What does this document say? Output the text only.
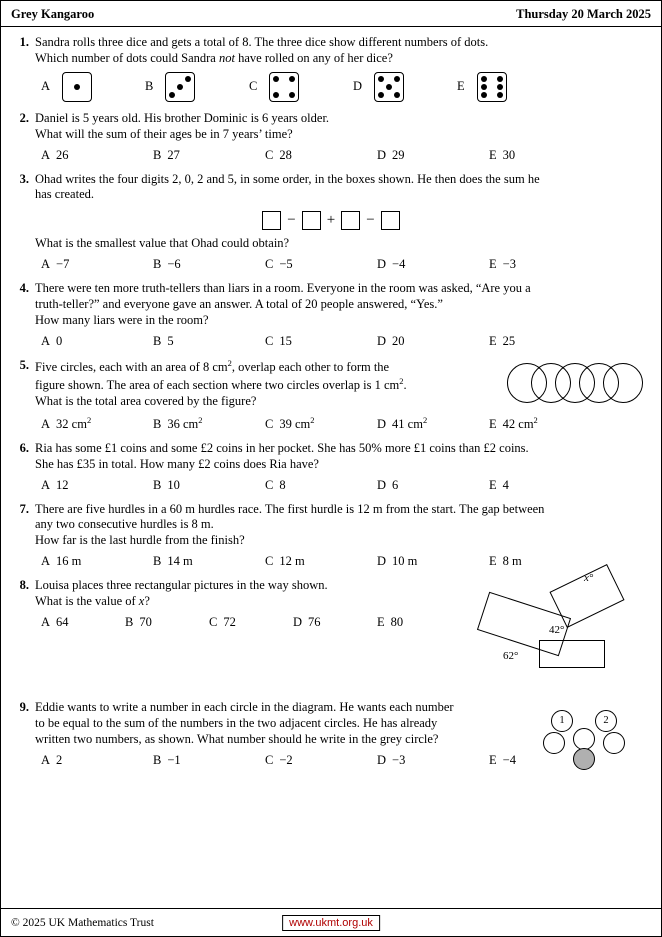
Grey Kangaroo	Thursday 20 March 2025
1. Sandra rolls three dice and gets a total of 8. The three dice show different numbers of dots.
Which number of dots could Sandra not have rolled on any of her dice?
A	B	C	D	E
2. Daniel is 5 years old. His brother Dominic is 6 years older.
What will the sum of their ages be in 7 years’ time?
A 26	B 27	C 28	D 29	E 30
3. Ohad writes the four digits 2, 0, 2 and 5, in some order, in the boxes shown. He then does the sum he
has created.
− + −
What is the smallest value that Ohad could obtain?
A −7	B −6	C −5	D −4	E −3
4. There were ten more truth-tellers than liars in a room. Everyone in the room was asked, “Are you a
truth-teller?” and everyone gave an answer. A total of 20 people answered, “Yes.”
How many liars were in the room?
A 0	B 5	C 15	D 20	E 25
5. Five circles, each with an area of 8 $cm^2$, overlap each other to form the
figure shown. The area of each section where two circles overlap is 1 $cm^2$.
What is the total area covered by the figure?
A 32 $cm^2$	B 36 $cm^2$	C 39 $cm^2$	D 41 $cm^2$	E 42 $cm^2$
6. Ria has some £1 coins and some £2 coins in her pocket. She has 50% more £1 coins than £2 coins.
She has £35 in total. How many £2 coins does Ria have?
A 12	B 10	C 8	D 6	E 4
7. There are five hurdles in a 60 m hurdles race. The first hurdle is 12 m from the start. The gap between
any two consecutive hurdles is 8 m.
How far is the last hurdle from the finish?
A 16 m	B 14 m	C 12 m	D 10 m	E 8 m
x°
42°
62°
8. Louisa places three rectangular pictures in the way shown.
What is the value of x?
A 64	B 70	C 72	D 76	E 80
1	2
9. Eddie wants to write a number in each circle in the diagram. He wants each number
to be equal to the sum of the numbers in the two adjacent circles. He has already
written two numbers, as shown. What number should he write in the grey circle?
A 2	B −1	C −2	D −3	E −4
© 2025 UK Mathematics Trust	www.ukmt.org.uk
